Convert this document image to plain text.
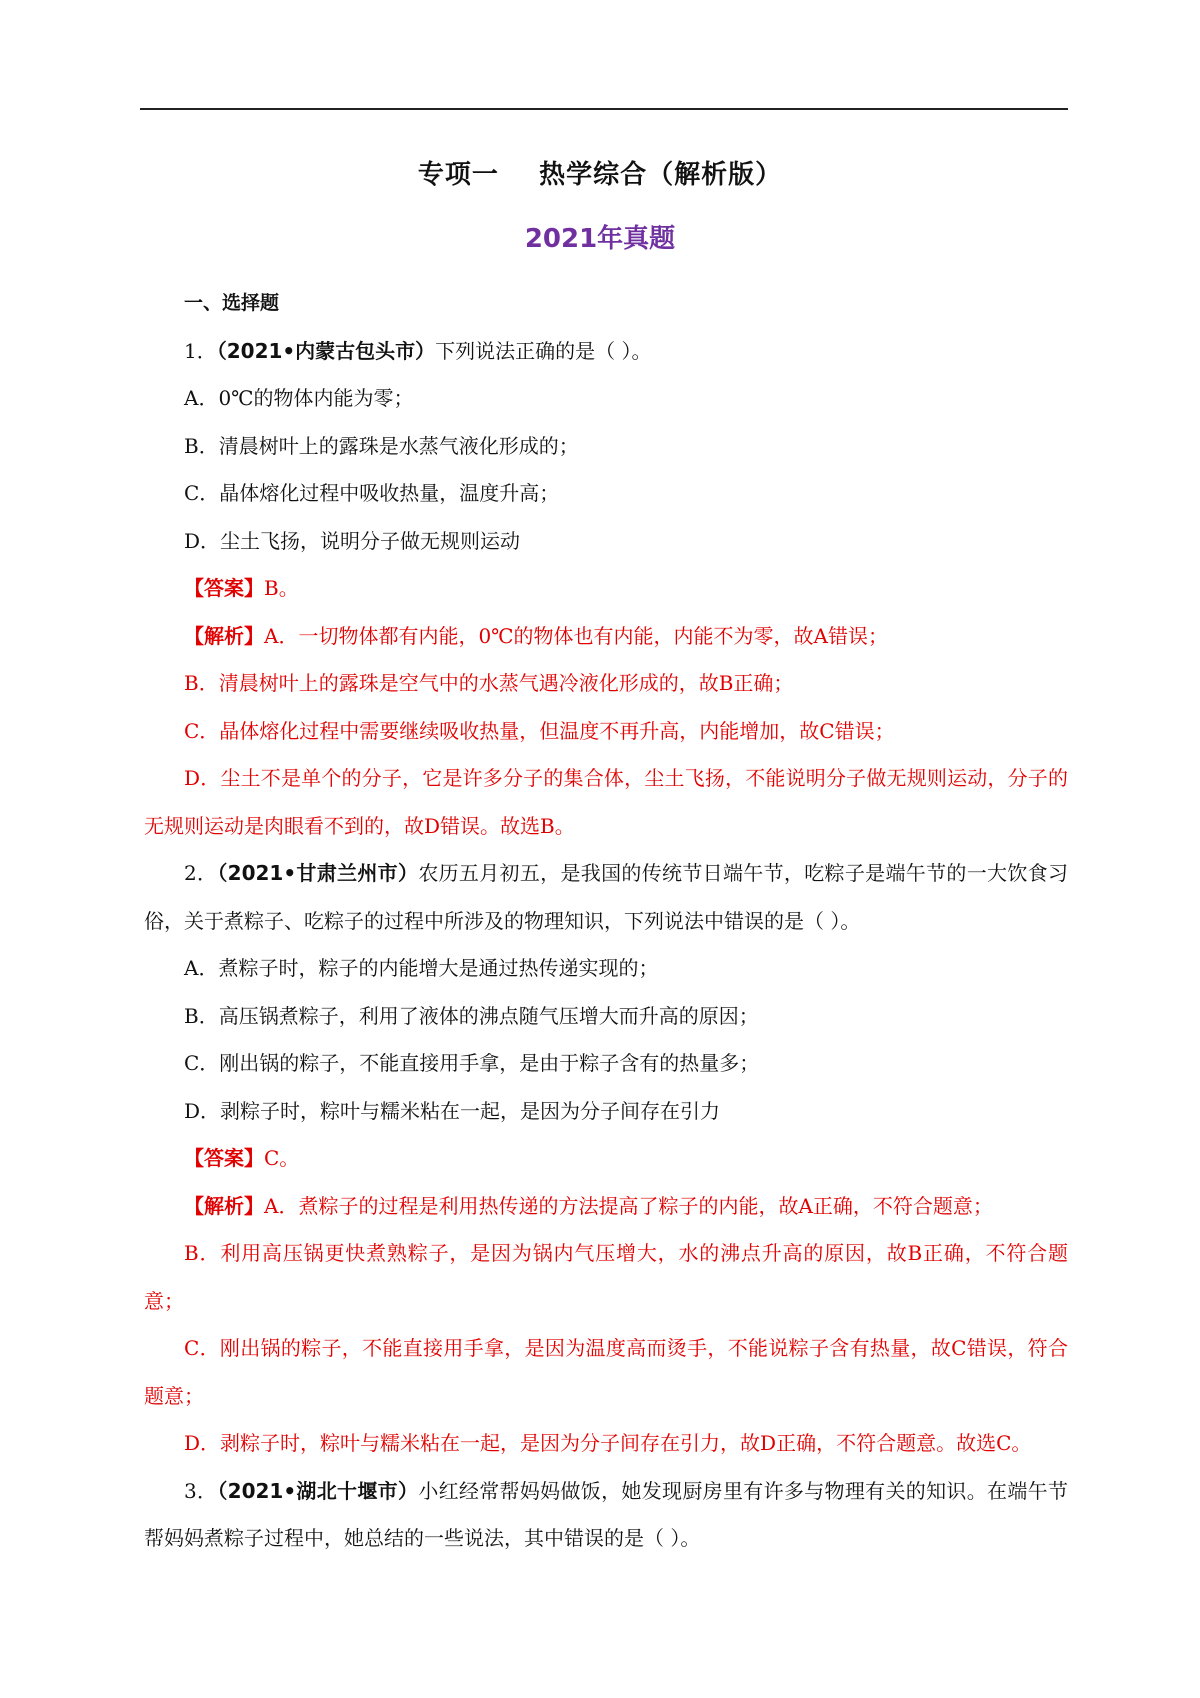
专项一    热学综合（解析版）
2021年真题

一、选择题

1．（2021•内蒙古包头市）下列说法正确的是（ ）。

A．0℃的物体内能为零；

B．清晨树叶上的露珠是水蒸气液化形成的；

C．晶体熔化过程中吸收热量，温度升高；

D．尘土飞扬，说明分子做无规则运动

【答案】B。

【解析】A．一切物体都有内能，0℃的物体也有内能，内能不为零，故A错误；

B．清晨树叶上的露珠是空气中的水蒸气遇冷液化形成的，故B正确；

C．晶体熔化过程中需要继续吸收热量，但温度不再升高，内能增加，故C错误；

D．尘土不是单个的分子，它是许多分子的集合体，尘土飞扬，不能说明分子做无规则运动，分子的无规则运动是肉眼看不到的，故D错误。故选B。

2．（2021•甘肃兰州市）农历五月初五，是我国的传统节日端午节，吃粽子是端午节的一大饮食习俗，关于煮粽子、吃粽子的过程中所涉及的物理知识，下列说法中错误的是（ ）。

A．煮粽子时，粽子的内能增大是通过热传递实现的；

B．高压锅煮粽子，利用了液体的沸点随气压增大而升高的原因；

C．刚出锅的粽子，不能直接用手拿，是由于粽子含有的热量多；

D．剥粽子时，粽叶与糯米粘在一起，是因为分子间存在引力

【答案】C。

【解析】A．煮粽子的过程是利用热传递的方法提高了粽子的内能，故A正确，不符合题意；

B．利用高压锅更快煮熟粽子，是因为锅内气压增大，水的沸点升高的原因，故B正确，不符合题意；

C．刚出锅的粽子，不能直接用手拿，是因为温度高而烫手，不能说粽子含有热量，故C错误，符合题意；

D．剥粽子时，粽叶与糯米粘在一起，是因为分子间存在引力，故D正确，不符合题意。故选C。

3．（2021•湖北十堰市）小红经常帮妈妈做饭，她发现厨房里有许多与物理有关的知识。在端午节帮妈妈煮粽子过程中，她总结的一些说法，其中错误的是（ ）。
